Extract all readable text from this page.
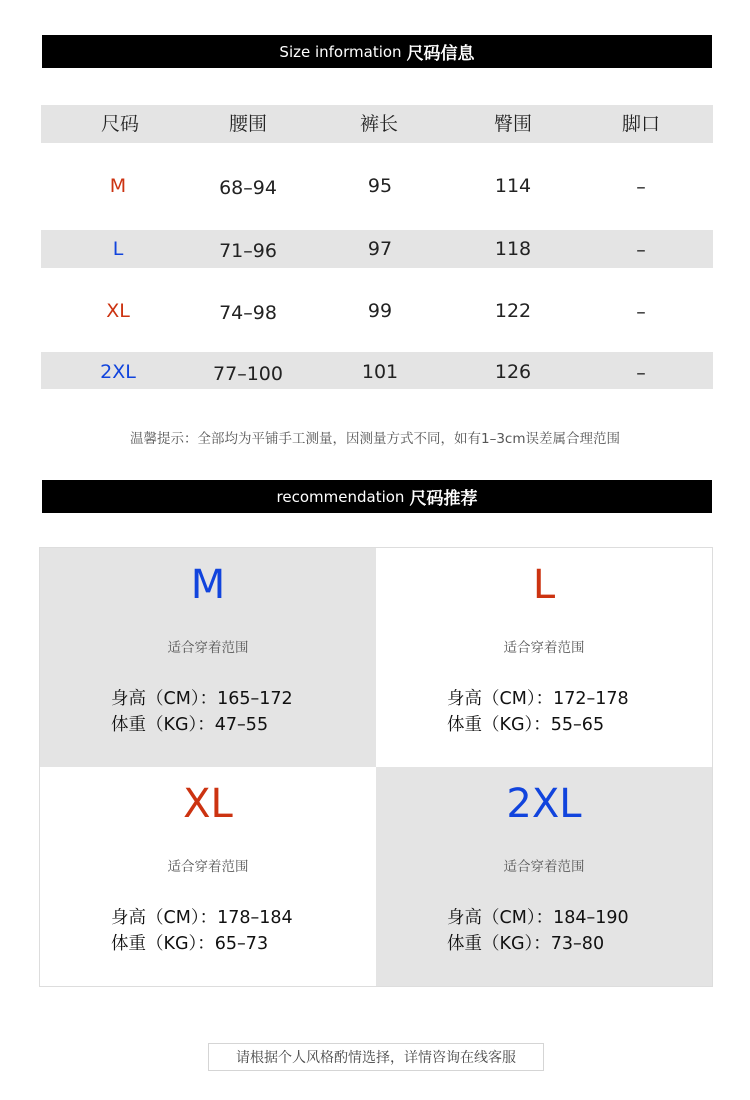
Size information 尺码信息
尺码	腰围	裤长	臀围	脚口
M	68–94	95	114	–
L	71–96	97	118	–
XL	74–98	99	122	–
2XL	77–100	101	126	–
温馨提示：全部均为平铺手工测量，因测量方式不同，如有1–3cm误差属合理范围
recommendation 尺码推荐
M
适合穿着范围
身高（CM）：165–172
体重（KG）：47–55
L
适合穿着范围
身高（CM）：172–178
体重（KG）：55–65
XL
适合穿着范围
身高（CM）：178–184
体重（KG）：65–73
2XL
适合穿着范围
身高（CM）：184–190
体重（KG）：73–80
请根据个人风格酌情选择，详情咨询在线客服
